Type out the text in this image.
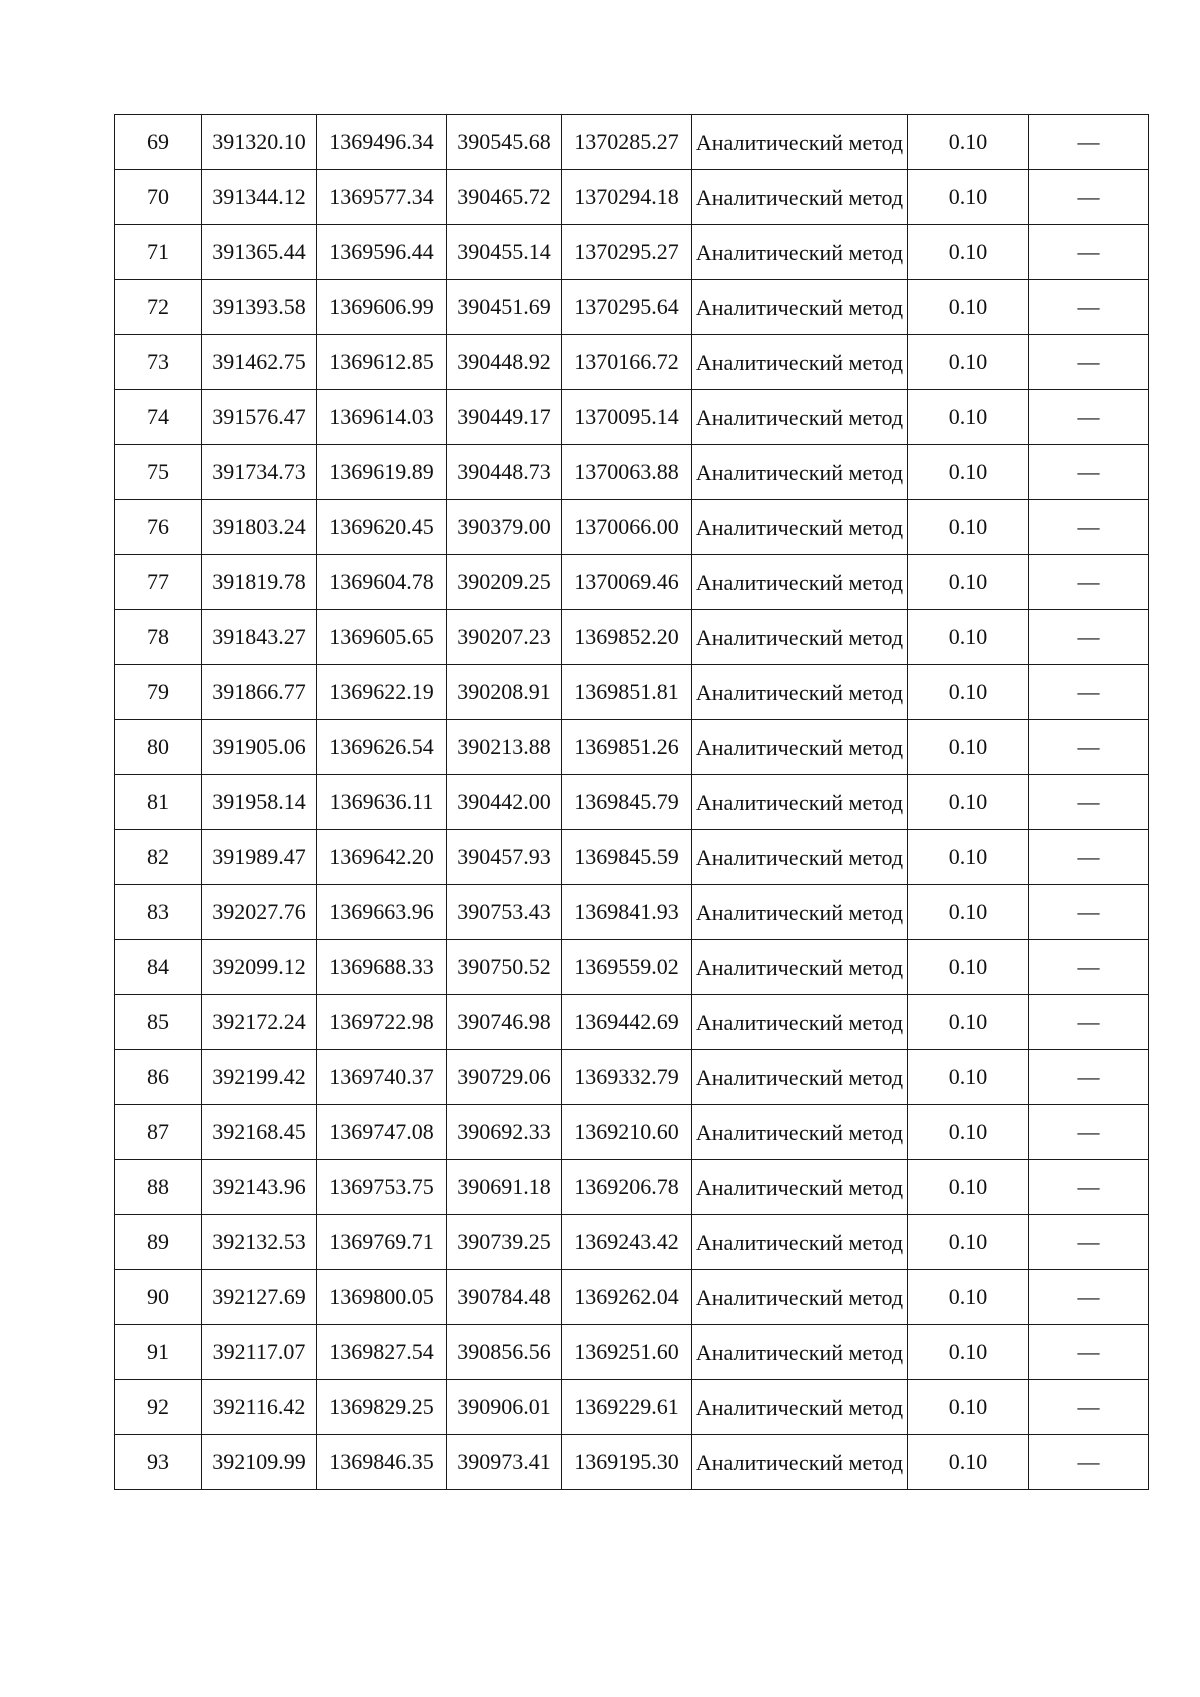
69	391320.10	1369496.34	390545.68	1370285.27	Аналитический метод	0.10	—
70	391344.12	1369577.34	390465.72	1370294.18	Аналитический метод	0.10	—
71	391365.44	1369596.44	390455.14	1370295.27	Аналитический метод	0.10	—
72	391393.58	1369606.99	390451.69	1370295.64	Аналитический метод	0.10	—
73	391462.75	1369612.85	390448.92	1370166.72	Аналитический метод	0.10	—
74	391576.47	1369614.03	390449.17	1370095.14	Аналитический метод	0.10	—
75	391734.73	1369619.89	390448.73	1370063.88	Аналитический метод	0.10	—
76	391803.24	1369620.45	390379.00	1370066.00	Аналитический метод	0.10	—
77	391819.78	1369604.78	390209.25	1370069.46	Аналитический метод	0.10	—
78	391843.27	1369605.65	390207.23	1369852.20	Аналитический метод	0.10	—
79	391866.77	1369622.19	390208.91	1369851.81	Аналитический метод	0.10	—
80	391905.06	1369626.54	390213.88	1369851.26	Аналитический метод	0.10	—
81	391958.14	1369636.11	390442.00	1369845.79	Аналитический метод	0.10	—
82	391989.47	1369642.20	390457.93	1369845.59	Аналитический метод	0.10	—
83	392027.76	1369663.96	390753.43	1369841.93	Аналитический метод	0.10	—
84	392099.12	1369688.33	390750.52	1369559.02	Аналитический метод	0.10	—
85	392172.24	1369722.98	390746.98	1369442.69	Аналитический метод	0.10	—
86	392199.42	1369740.37	390729.06	1369332.79	Аналитический метод	0.10	—
87	392168.45	1369747.08	390692.33	1369210.60	Аналитический метод	0.10	—
88	392143.96	1369753.75	390691.18	1369206.78	Аналитический метод	0.10	—
89	392132.53	1369769.71	390739.25	1369243.42	Аналитический метод	0.10	—
90	392127.69	1369800.05	390784.48	1369262.04	Аналитический метод	0.10	—
91	392117.07	1369827.54	390856.56	1369251.60	Аналитический метод	0.10	—
92	392116.42	1369829.25	390906.01	1369229.61	Аналитический метод	0.10	—
93	392109.99	1369846.35	390973.41	1369195.30	Аналитический метод	0.10	—
